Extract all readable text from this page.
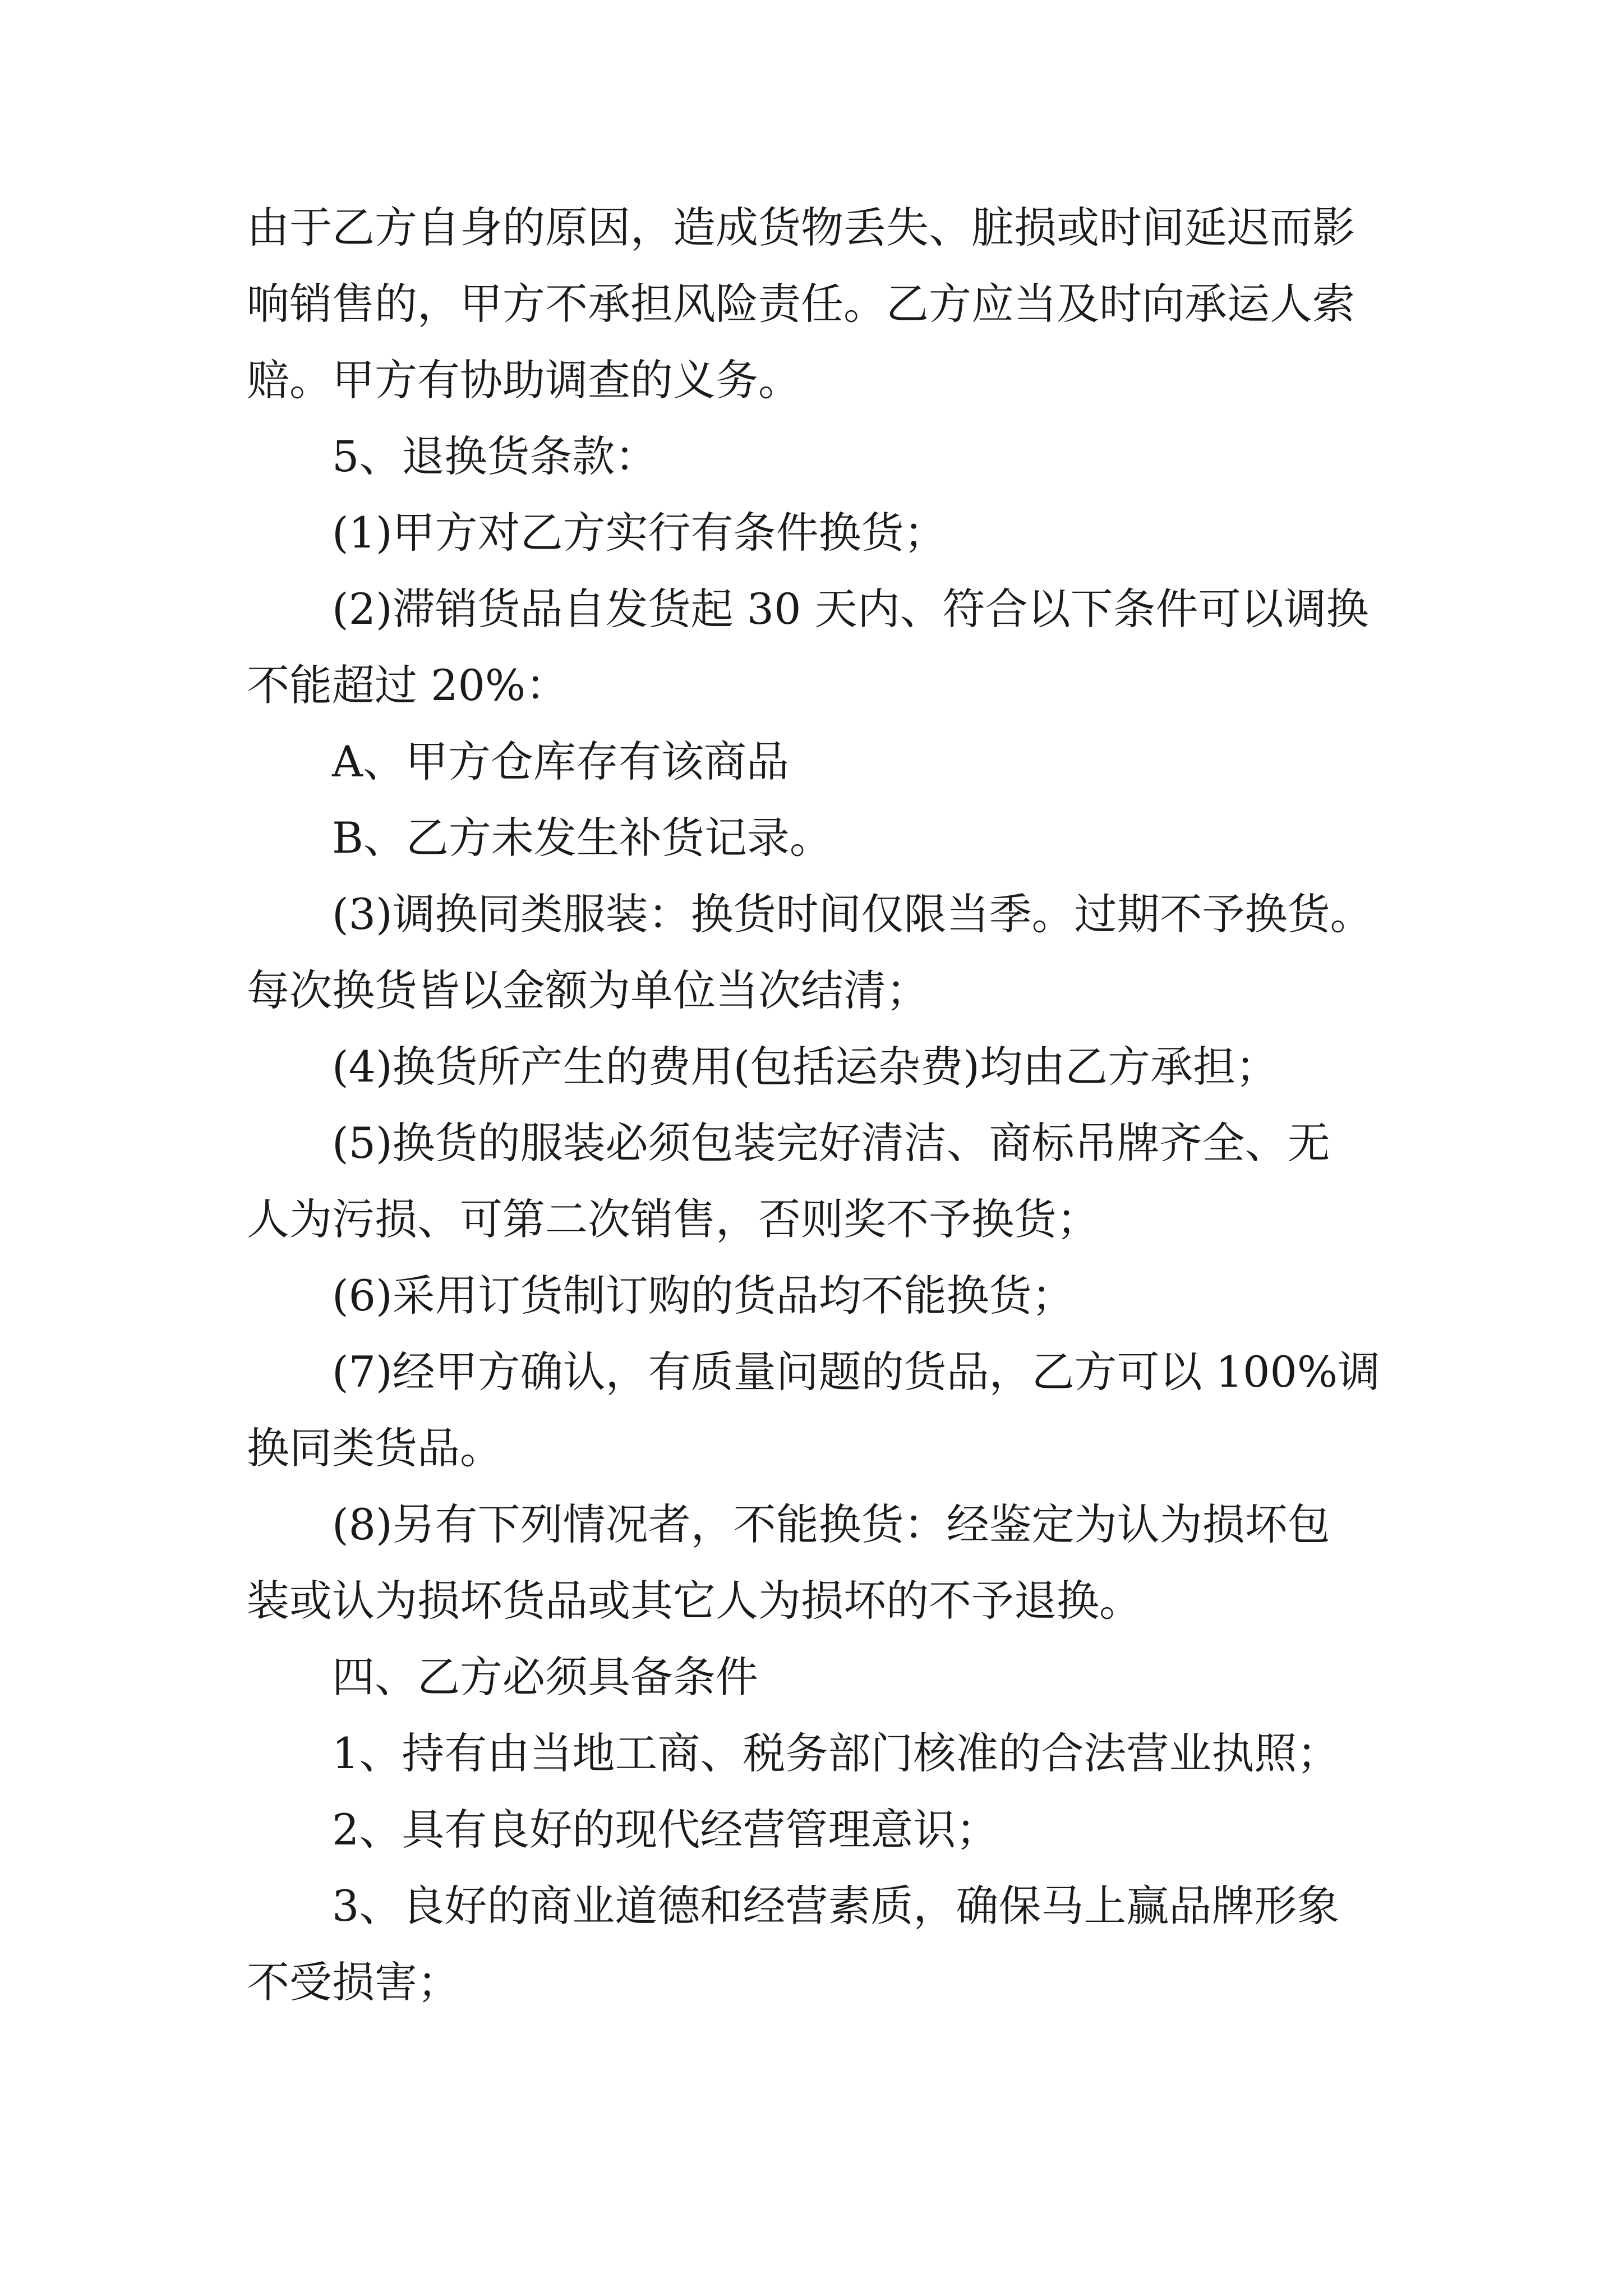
由于乙方自身的原因，造成货物丢失、脏损或时间延迟而影
响销售的，甲方不承担风险责任。乙方应当及时向承运人索
赔。甲方有协助调查的义务。
5、退换货条款：
(1)甲方对乙方实行有条件换货；
(2)滞销货品自发货起 30 天内、符合以下条件可以调换
不能超过 20%：
A、甲方仓库存有该商品
B、乙方未发生补货记录。
(3)调换同类服装：换货时间仅限当季。过期不予换货。
每次换货皆以金额为单位当次结清；
(4)换货所产生的费用(包括运杂费)均由乙方承担；
(5)换货的服装必须包装完好清洁、商标吊牌齐全、无
人为污损、可第二次销售，否则奖不予换货；
(6)采用订货制订购的货品均不能换货；
(7)经甲方确认，有质量问题的货品，乙方可以 100%调
换同类货品。
(8)另有下列情况者，不能换货：经鉴定为认为损坏包
装或认为损坏货品或其它人为损坏的不予退换。
四、乙方必须具备条件
1、持有由当地工商、税务部门核准的合法营业执照；
2、具有良好的现代经营管理意识；
3、良好的商业道德和经营素质，确保马上赢品牌形象
不受损害；
